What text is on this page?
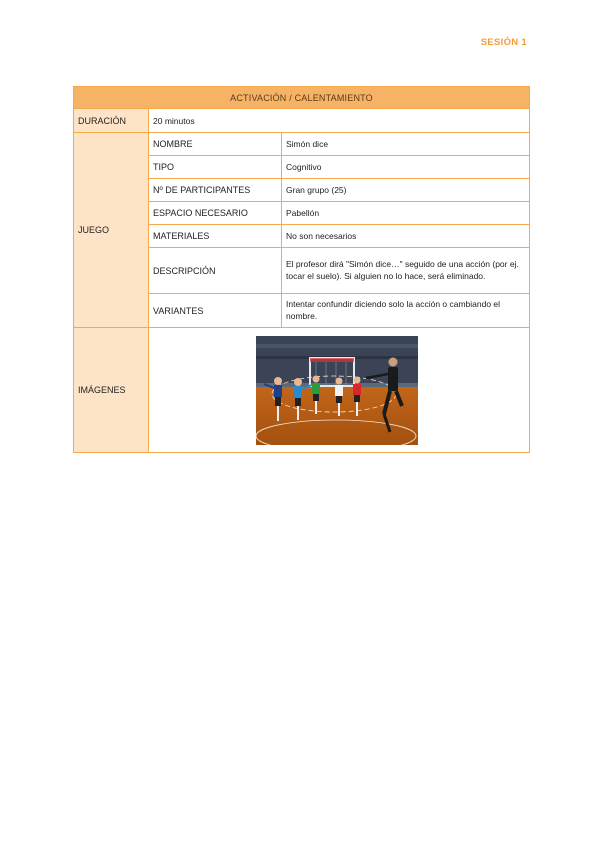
SESIÓN 1
ACTIVACIÓN / CALENTAMIENTO		
DURACIÓN	20 minutos	
JUEGO	NOMBRE	Simón dice
	TIPO	Cognitivo
	Nº DE PARTICIPANTES	Gran grupo (25)
	ESPACIO NECESARIO	Pabellón
	MATERIALES	No son necesarios
	DESCRIPCIÓN	El profesor dirá "Simón dice…" seguido de una acción (por ej. tocar el suelo). Si alguien no lo hace, será eliminado.
	VARIANTES	Intentar confundir diciendo solo la acción o cambiando el nombre.
IMÁGENES	
